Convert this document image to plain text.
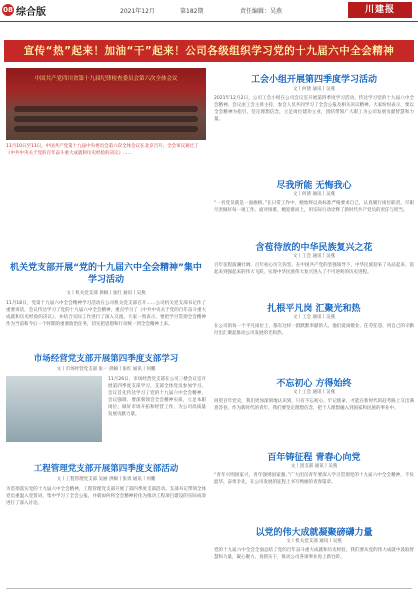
08 综合版	2021年12月	第182期	责任编辑：吴燕	川建报
宣传“热”起来！加油“干”起来！公司各级组织学习党的十九届六中全会精神
中国共产党四川省第十九届纪律检查委员会第六次全体会议
11月10日至11日，中国共产党第十九届中央委员会第六次全体会议在北京召开，全会审议通过了《中共中央关于党的百年奋斗重大成就和历史经验的决议》……
机关党支部开展“党的十九届六中全会精神”集中学习活动
文丨机关党支部 供稿丨张红 通讯丨吴燕
11月18日，党第十九届六中全会精神学习活动在公司机关党支部召开……公司机关党支部书记作了重要讲话，会议传达学习了党的十九届六中全会精神，重点学习了《中共中央关于党的百年奋斗重大成就和历史经验的决议》，并结合实际工作进行了深入交流。大家一致表示，要把学习贯彻全会精神作为当前和今后一个时期的重要政治任务，切实把思想和行动统一到全会精神上来。
市场经营党支部开展第四季度支部学习
文丨市场经营党支部 张一 供稿丨张红 通讯丨何鹏
11月26日，市场经营党支部在公司三楼会议室开展第四季度支部学习，支部全体党员参加学习。会议首先传达学习了党的十九届六中全会精神，会议强调，要深刻领会全会精神实质，立足本职岗位，做好市场开拓和经营工作，为公司高质量发展贡献力量。
工程管理党支部开展第四季度支部活动
文丨工程管理党支部 吴丽 供稿丨张勇 通讯丨何鹏
为贯彻落实党的十九届六中全会精神，工程管理党支部开展了第四季度支部活动。支部书记带领全体党员重温入党誓词，集中学习了全会公报，并就如何将全会精神转化为推动工程项目建设的实际成效进行了深入讨论。
工会小组开展第四季度学习活动
文丨何倩 通讯丨吴燕
2021年12月2日，公司工会小组在公司会议室开展第四季度学习活动，传达学习党的十九届六中全会精神。会议由工会主席主持，参会人员共同学习了全会公报及相关决议精神。大家纷纷表示，要以全会精神为指引，坚定理想信念，立足岗位建功立业，团结带领广大职工为公司发展贡献智慧和力量。
尽我所能 无悔我心
文丨何倩 通讯丨吴燕
“一名党员就是一面旗帜。”在日常工作中，她始终以高标准严格要求自己，认真履行岗位职责，尽职尽责做好每一项工作。面对困难，她迎难而上，用实际行动诠释了新时代共产党员的责任与担当。
含苞待放的中华民族复兴之花
文丨工会 通讯丨吴燕
百年征程波澜壮阔，百年初心历久弥坚。在中国共产党的坚强领导下，中华民族迎来了从站起来、富起来到强起来的伟大飞跃，实现中华民族伟大复兴进入了不可逆转的历史进程。
扎根平凡岗 汇聚光和热
文丨工会 通讯丨吴燕
在公司的每一个平凡岗位上，都有这样一群默默奉献的人。他们爱岗敬业、任劳任怨，用自己的辛勤付出汇聚起推动公司发展的光和热。
不忘初心 方得始终
文丨工会 通讯丨吴燕
回望百年党史，我们更加深刻地认识到，只有不忘初心、牢记使命，才能在新时代的赶考路上交出满意答卷。作为新时代的青年，我们要坚定理想信念，把个人理想融入到国家和民族的事业中。
百年铸征程 青春心向党
文丨团支部 通讯丨吴燕
“青年兴则国家兴，青年强则国家强。”广大团员青年要深入学习贯彻党的十九届六中全会精神，不负韶华、奋勇争先，在公司发展的征程上书写绚丽的青春篇章。
以党的伟大成就凝聚磅礴力量
文丨机关党支部 通讯丨吴燕
党的十九届六中全会全面总结了党的百年奋斗重大成就和历史经验。我们要从党的伟大成就中汲取智慧和力量，凝心聚力、真抓实干，推动公司各项事业再上新台阶。
